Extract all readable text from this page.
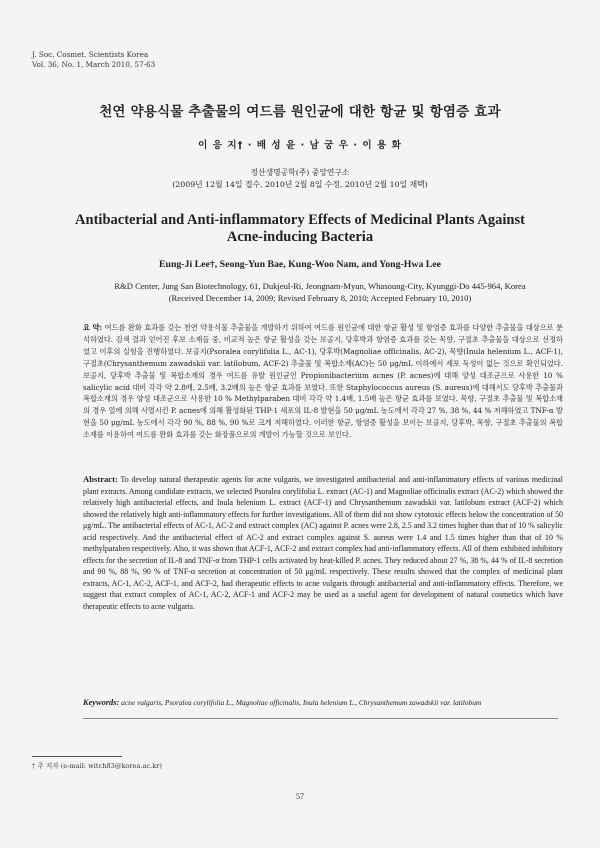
J. Soc. Cosmet. Scientists Korea
Vol. 36, No. 1, March 2010, 57-63
천연 약용식물 추출물의 여드름 원인균에 대한 항균 및 항염증 효과
이 응 지† · 배 성 윤 · 남 궁 우 · 이 용 화
정산생명공학(주) 중앙연구소
(2009년 12월 14일 접수, 2010년 2월 8일 수정, 2010년 2월 10일 채택)
Antibacterial and Anti-inflammatory Effects of Medicinal Plants Against Acne-inducing Bacteria
Eung-Ji Lee†, Seong-Yun Bae, Kung-Woo Nam, and Yong-Hwa Lee
R&D Center, Jung San Biotechnology, 61, Dukjeul-Ri, Jeongnam-Myun, Whasoung-City, Kyunggi-Do 445-964, Korea
(Received December 14, 2009; Revised February 8, 2010; Accepted February 10, 2010)
요 약: 여드름 완화 효과를 갖는 천연 약용식물 추출물을 개발하기 위하여 여드름 원인균에 대한 항균 활성 및 항염증 효과를 다양한 추출물을 대상으로 분석하였다. 검색 결과 얻어진 후보 소재들 중, 비교적 높은 항균 활성을 갖는 보골지, 당후박과 항염증 효과를 갖는 목향, 구절초 추출물을 대상으로 선정하였고 이후의 실험을 진행하였다. 보골지(Psoralea corylifolia L., AC-1), 당후박(Magnoliae officinalis, AC-2), 목향(Inula helenium L., ACF-1), 구절초(Chrysanthemum zawadskii var. latilobum, ACF-2) 추출물 및 복합소재(AC)는 50 μg/mL 이하에서 세포 독성이 없는 것으로 확인되었다. 보골지, 당후박 추출물 및 복합소재의 경우 여드름 유발 원인균인 Propionibacterium acnes (P. acnes)에 대해 양성 대조군으로 사용한 10 % salicylic acid 대비 각각 약 2.8배, 2.5배, 3.2배의 높은 항균 효과를 보였다. 또한 Staphylococcus aureus (S. aureus)에 대해서도 당후박 추출물과 복합소재의 경우 양성 대조군으로 사용한 10 % Methylparaben 대비 각각 약 1.4배, 1.5배 높은 항균 효과를 보였다. 목향, 구절초 추출물 및 복합소재의 경우 열에 의해 사멸시킨 P. acnes에 의해 활성화된 THP-1 세포의 IL-8 발현을 50 μg/mL 농도에서 각각 27 %, 38 %, 44 % 저해하였고 TNF-α 발현을 50 μg/mL 농도에서 각각 90 %, 88 %, 90 %로 크게 저해하였다. 이러한 항균, 항염증 활성을 보이는 보골지, 당후박, 목향, 구절초 추출물의 복합 소재를 이용하여 여드름 완화 효과를 갖는 화장품으로의 개발이 가능할 것으로 보인다.
Abstract: To develop natural therapeutic agents for acne vulgaris, we investigated antibacterial and anti-inflammatory effects of various medicinal plant extracts. Among candidate extracts, we selected Psoralea corylifolia L. extract (AC-1) and Magnoliae officinalis extract (AC-2) which showed the relatively high antibacterial effects, and Inula helenium L. extract (ACF-1) and Chrysanthemum zawadskii var. latilobum extract (ACF-2) which showed the relatively high anti-inflammatory effects for further investigations. All of them did not show cytotoxic effects below the concentration of 50 μg/mL. The antibacterial effects of AC-1, AC-2 and extract complex (AC) against P. acnes were 2.8, 2.5 and 3.2 times higher than that of 10 % salicylic acid respectively. And the antibacterial effect of AC-2 and extract complex against S. aureus were 1.4 and 1.5 times higher than that of 10 % methylparaben respectively. Also, it was shown that ACF-1, ACF-2 and extract complex had anti-inflammatory effects. All of them exhibited inhibitory effects for the secretion of IL-8 and TNF-α from THP-1 cells activated by heat-killed P. acnes. They reduced about 27 %, 38 %, 44 % of IL-8 secretion and 90 %, 88 %, 90 % of TNF-α secretion at concentration of 50 μg/mL respectively. These results showed that the complex of medicinal plant extracts, AC-1, AC-2, ACF-1, and ACF-2, had therapeutic effects to acne vulgaris through antibacterial and anti-inflammatory effects. Therefore, we suggest that extract complex of AC-1, AC-2, ACF-1 and ACF-2 may be used as a useful agent for development of natural cosmetics which have therapeutic effects to acne vulgaris.
Keywords: acne vulgaris, Psoralea corylifolia L., Magnoliae officinalis, Inula helenium L., Chrysanthemum zawadskii var. latilobum
† 주 저자 (e-mail: witch83@korea.ac.kr)
57
